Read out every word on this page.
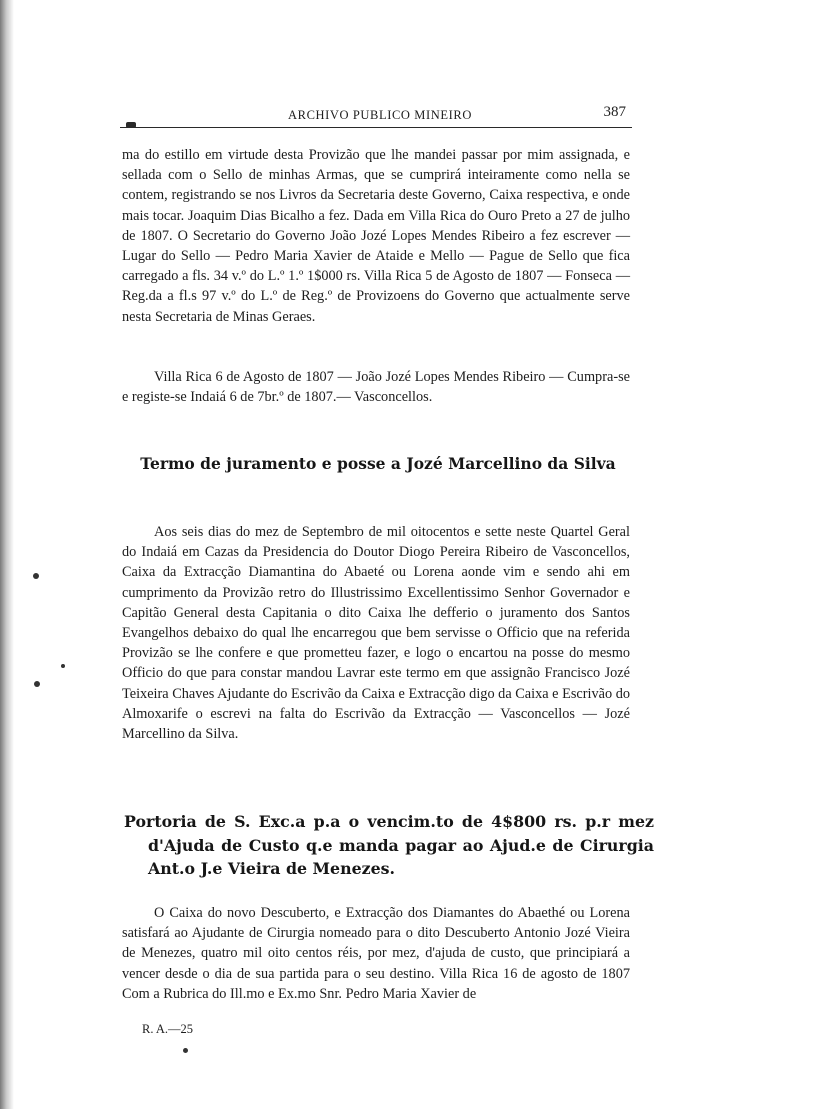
ARCHIVO PUBLICO MINEIRO	387

ma do estillo em virtude desta Provizão que lhe mandei passar por mim assignada, e sellada com o Sello de minhas Armas, que se cumprirá inteiramente como nella se contem, registrando se nos Livros da Secretaria deste Governo, Caixa respectiva, e onde mais tocar. Joaquim Dias Bicalho a fez. Dada em Villa Rica do Ouro Preto a 27 de julho de 1807. O Secretario do Governo João Jozé Lopes Mendes Ribeiro a fez escrever — Lugar do Sello — Pedro Maria Xavier de Ataide e Mello — Pague de Sello que fica carregado a fls. 34 v.º do L.º 1.º 1$000 rs. Villa Rica 5 de Agosto de 1807 — Fonseca — Reg.da a fl.s 97 v.º do L.º de Reg.º de Provizoens do Governo que actualmente serve nesta Secretaria de Minas Geraes.

Villa Rica 6 de Agosto de 1807 — João Jozé Lopes Mendes Ribeiro — Cumpra-se e registe-se Indaiá 6 de 7br.º de 1807.— Vasconcellos.

Termo de juramento e posse a Jozé Marcellino da Silva

Aos seis dias do mez de Septembro de mil oitocentos e sette neste Quartel Geral do Indaiá em Cazas da Presidencia do Doutor Diogo Pereira Ribeiro de Vasconcellos, Caixa da Extracção Diamantina do Abaeté ou Lorena aonde vim e sendo ahi em cumprimento da Provizão retro do Illustrissimo Excellentissimo Senhor Governador e Capitão General desta Capitania o dito Caixa lhe defferio o juramento dos Santos Evangelhos debaixo do qual lhe encarregou que bem servisse o Officio que na referida Provizão se lhe confere e que prometteu fazer, e logo o encartou na posse do mesmo Officio do que para constar mandou Lavrar este termo em que assignão Francisco Jozé Teixeira Chaves Ajudante do Escrivão da Caixa e Extracção digo da Caixa e Escrivão do Almoxarife o escrevi na falta do Escrivão da Extracção — Vasconcellos — Jozé Marcellino da Silva.

Portoria de S. Exc.a p.a o vencim.to de 4$800 rs. p.r mez d'Ajuda de Custo q.e manda pagar ao Ajud.e de Cirurgia Ant.o J.e Vieira de Menezes.

O Caixa do novo Descuberto, e Extracção dos Diamantes do Abaethé ou Lorena satisfará ao Ajudante de Cirurgia nomeado para o dito Descuberto Antonio Jozé Vieira de Menezes, quatro mil oito centos réis, por mez, d'ajuda de custo, que principiará a vencer desde o dia de sua partida para o seu destino. Villa Rica 16 de agosto de 1807 Com a Rubrica do Ill.mo e Ex.mo Snr. Pedro Maria Xavier de

R. A.—25
